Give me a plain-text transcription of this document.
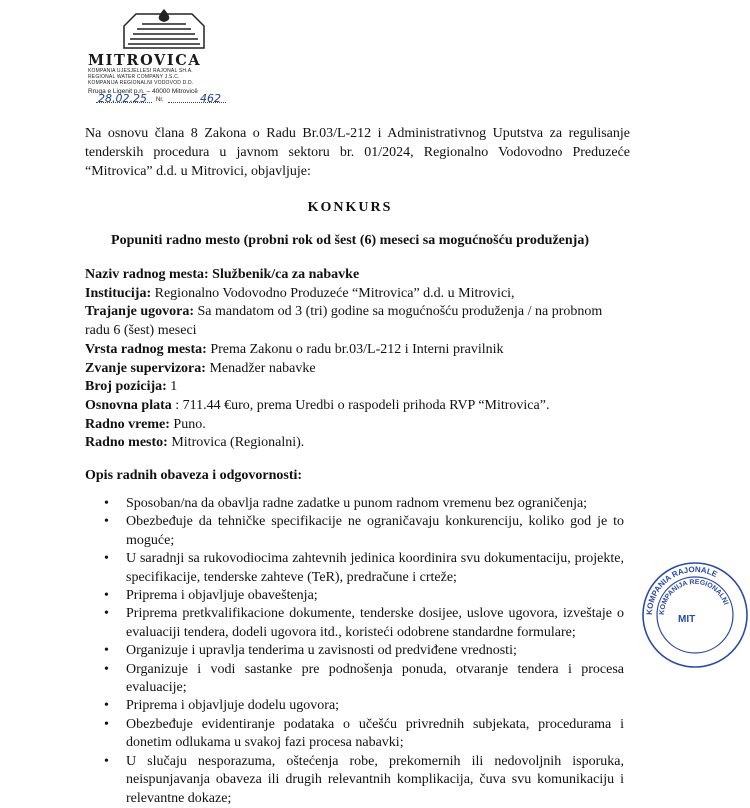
MITROVICA
KOMPANIA UJESJELLESI RAJONAL SH.A.
REGIONAL WATER COMPANY J.S.C.
KOMPANIJA REGIONALNI VODOVOD D.D.
Rruga e Ligenit p.n. – 40000 Mitrovicë
28.02.25 Nr.	462
Na osnovu člana 8 Zakona o Radu Br.03/L-212 i Administrativnog Uputstva za regulisanje tenderskih procedura u javnom sektoru br. 01/2024, Regionalno Vodovodno Preduzeće “Mitrovica” d.d. u Mitrovici, objavljuje:
KONKURS
Popuniti radno mesto (probni rok od šest (6) meseci sa mogućnošću produženja)
Naziv radnog mesta: Službenik/ca za nabavke
Institucija: Regionalno Vodovodno Produzeće “Mitrovica” d.d. u Mitrovici,
Trajanje ugovora: Sa mandatom od 3 (tri) godine sa mogućnošću produženja / na probnom radu 6 (šest) meseci
Vrsta radnog mesta: Prema Zakonu o radu br.03/L-212 i Interni pravilnik
Zvanje supervizora: Menadžer nabavke
Broj pozicija: 1
Osnovna plata : 711.44 €uro, prema Uredbi o raspodeli prihoda RVP “Mitrovica”.
Radno vreme: Puno.
Radno mesto: Mitrovica (Regionalni).
Opis radnih obaveza i odgovornosti:
• Sposoban/na da obavlja radne zadatke u punom radnom vremenu bez ograničenja;
• Obezbeđuje da tehničke specifikacije ne ograničavaju konkurenciju, koliko god je to moguće;
• U saradnji sa rukovodiocima zahtevnih jedinica koordinira svu dokumentaciju, projekte, specifikacije, tenderske zahteve (TeR), predračune i crteže;
• Pripremа i objavljuje obaveštenja;
• Priprema pretkvalifikacione dokumente, tenderske dosijee, uslove ugovora, izveštaje o evaluaciji tendera, dodeli ugovora itd., koristeći odobrene standardne formulare;
• Organizuje i upravlja tenderima u zavisnosti od predviđene vrednosti;
• Organizuje i vodi sastanke pre podnošenja ponuda, otvaranje tendera i procesa evaluacije;
• Priprema i objavljuje dodelu ugovora;
• Obezbeđuje evidentiranje podataka o učešću privrednih subjekata, procedurama i donetim odlukama u svakoj fazi procesa nabavki;
• U slučaju nesporazuma, oštećenja robe, prekomernih ili nedovoljnih isporuka, neispunjavanja obaveza ili drugih relevantnih komplikacija, čuva svu komunikaciju i relevantne dokaze;
KOMPANIA RAJONALE
KOMPANIJA REGIONALNI
MIT
